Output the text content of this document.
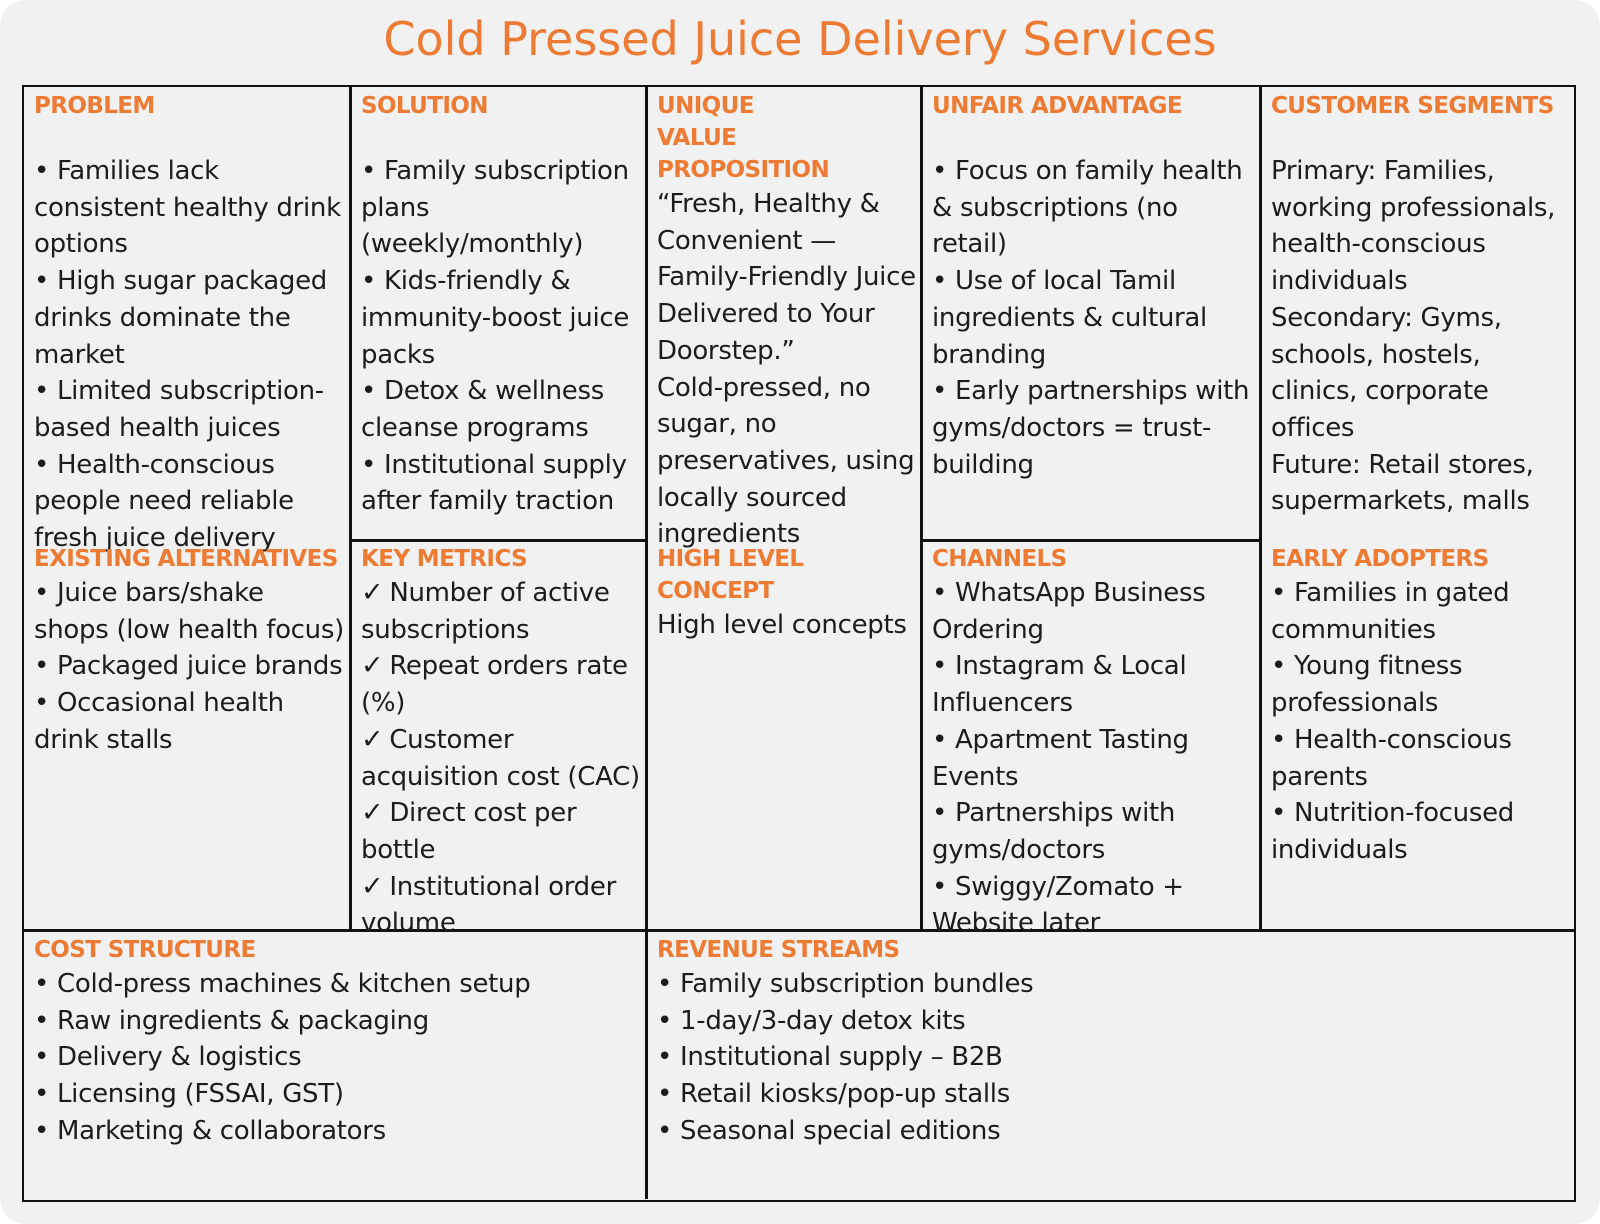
Cold Pressed Juice Delivery Services
PROBLEM
• Families lack consistent healthy drink options
• High sugar packaged drinks dominate the market
• Limited subscription-based health juices
• Health-conscious people need reliable fresh juice delivery
EXISTING ALTERNATIVES
• Juice bars/shake shops (low health focus)
• Packaged juice brands
• Occasional health drink stalls
SOLUTION
• Family subscription plans (weekly/monthly)
• Kids-friendly & immunity-boost juice packs
• Detox & wellness cleanse programs
• Institutional supply after family traction
KEY METRICS
✓ Number of active subscriptions
✓ Repeat orders rate (%)
✓ Customer acquisition cost (CAC)
✓ Direct cost per bottle
✓ Institutional order volume
UNIQUE VALUE PROPOSITION
“Fresh, Healthy & Convenient — Family-Friendly Juice Delivered to Your Doorstep.”
Cold-pressed, no sugar, no preservatives, using locally sourced ingredients
HIGH LEVEL CONCEPT
High level concepts
UNFAIR ADVANTAGE
• Focus on family health & subscriptions (no retail)
• Use of local Tamil ingredients & cultural branding
• Early partnerships with gyms/doctors = trust-building
CHANNELS
• WhatsApp Business Ordering
• Instagram & Local Influencers
• Apartment Tasting Events
• Partnerships with gyms/doctors
• Swiggy/Zomato + Website later
CUSTOMER SEGMENTS
Primary: Families, working professionals, health-conscious individuals
Secondary: Gyms, schools, hostels, clinics, corporate offices
Future: Retail stores, supermarkets, malls
EARLY ADOPTERS
• Families in gated communities
• Young fitness professionals
• Health-conscious parents
• Nutrition-focused individuals
COST STRUCTURE
• Cold-press machines & kitchen setup
• Raw ingredients & packaging
• Delivery & logistics
• Licensing (FSSAI, GST)
• Marketing & collaborators
REVENUE STREAMS
• Family subscription bundles
• 1-day/3-day detox kits
• Institutional supply – B2B
• Retail kiosks/pop-up stalls
• Seasonal special editions
